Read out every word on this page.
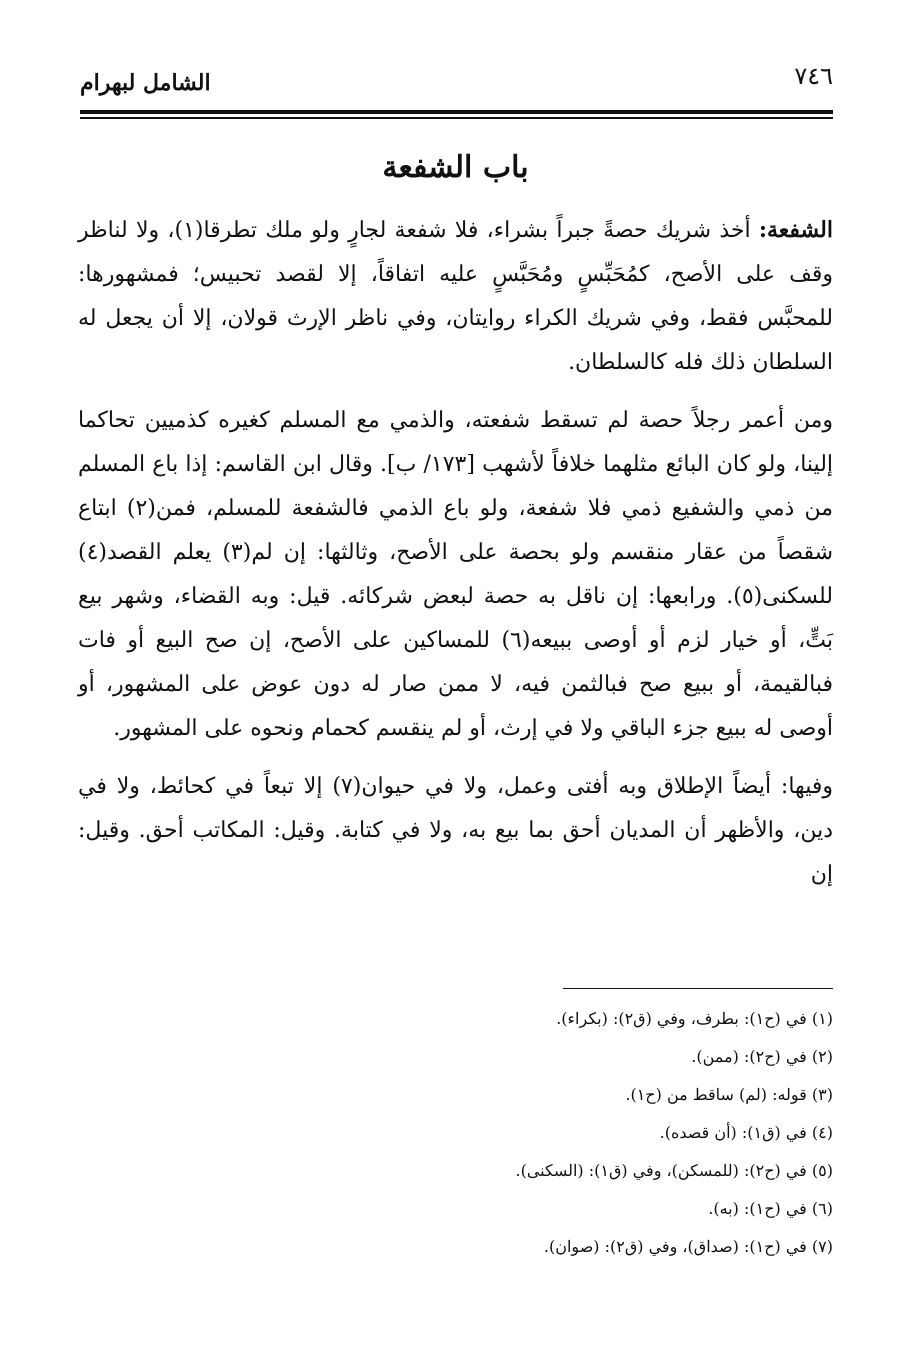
الشامل لبهرام	٧٤٦
باب الشفعة

الشفعة: أخذ شريك حصةً جبراً بشراء، فلا شفعة لجارٍ ولو ملك تطرقا(١)، ولا لناظر وقف على الأصح، كمُحَبِّسٍ ومُحَبَّسٍ عليه اتفاقاً، إلا لقصد تحبيس؛ فمشهورها: للمحبَّس فقط، وفي شريك الكراء روايتان، وفي ناظر الإرث قولان، إلا أن يجعل له السلطان ذلك فله كالسلطان.

ومن أعمر رجلاً حصة لم تسقط شفعته، والذمي مع المسلم كغيره كذميين تحاكما إلينا، ولو كان البائع مثلهما خلافاً لأشهب [١٧٣/ ب]. وقال ابن القاسم: إذا باع المسلم من ذمي والشفيع ذمي فلا شفعة، ولو باع الذمي فالشفعة للمسلم، فمن(٢) ابتاع شقصاً من عقار منقسم ولو بحصة على الأصح، وثالثها: إن لم(٣) يعلم القصد(٤) للسكنى(٥). ورابعها: إن ناقل به حصة لبعض شركائه. قيل: وبه القضاء، وشهر بيع بَتٍّ، أو خيار لزم أو أوصى ببيعه(٦) للمساكين على الأصح، إن صح البيع أو فات فبالقيمة، أو ببيع صح فبالثمن فيه، لا ممن صار له دون عوض على المشهور، أو أوصى له ببيع جزء الباقي ولا في إرث، أو لم ينقسم كحمام ونحوه على المشهور.

وفيها: أيضاً الإطلاق وبه أفتى وعمل، ولا في حيوان(٧) إلا تبعاً في كحائط، ولا في دين، والأظهر أن المديان أحق بما بيع به، ولا في كتابة. وقيل: المكاتب أحق. وقيل: إن

(١) في (ح١): بطرف، وفي (ق٢): (بكراء).
(٢) في (ح٢): (ممن).
(٣) قوله: (لم) ساقط من (ح١).
(٤) في (ق١): (أن قصده).
(٥) في (ح٢): (للمسكن)، وفي (ق١): (السكنى).
(٦) في (ح١): (به).
(٧) في (ح١): (صداق)، وفي (ق٢): (صوان).
